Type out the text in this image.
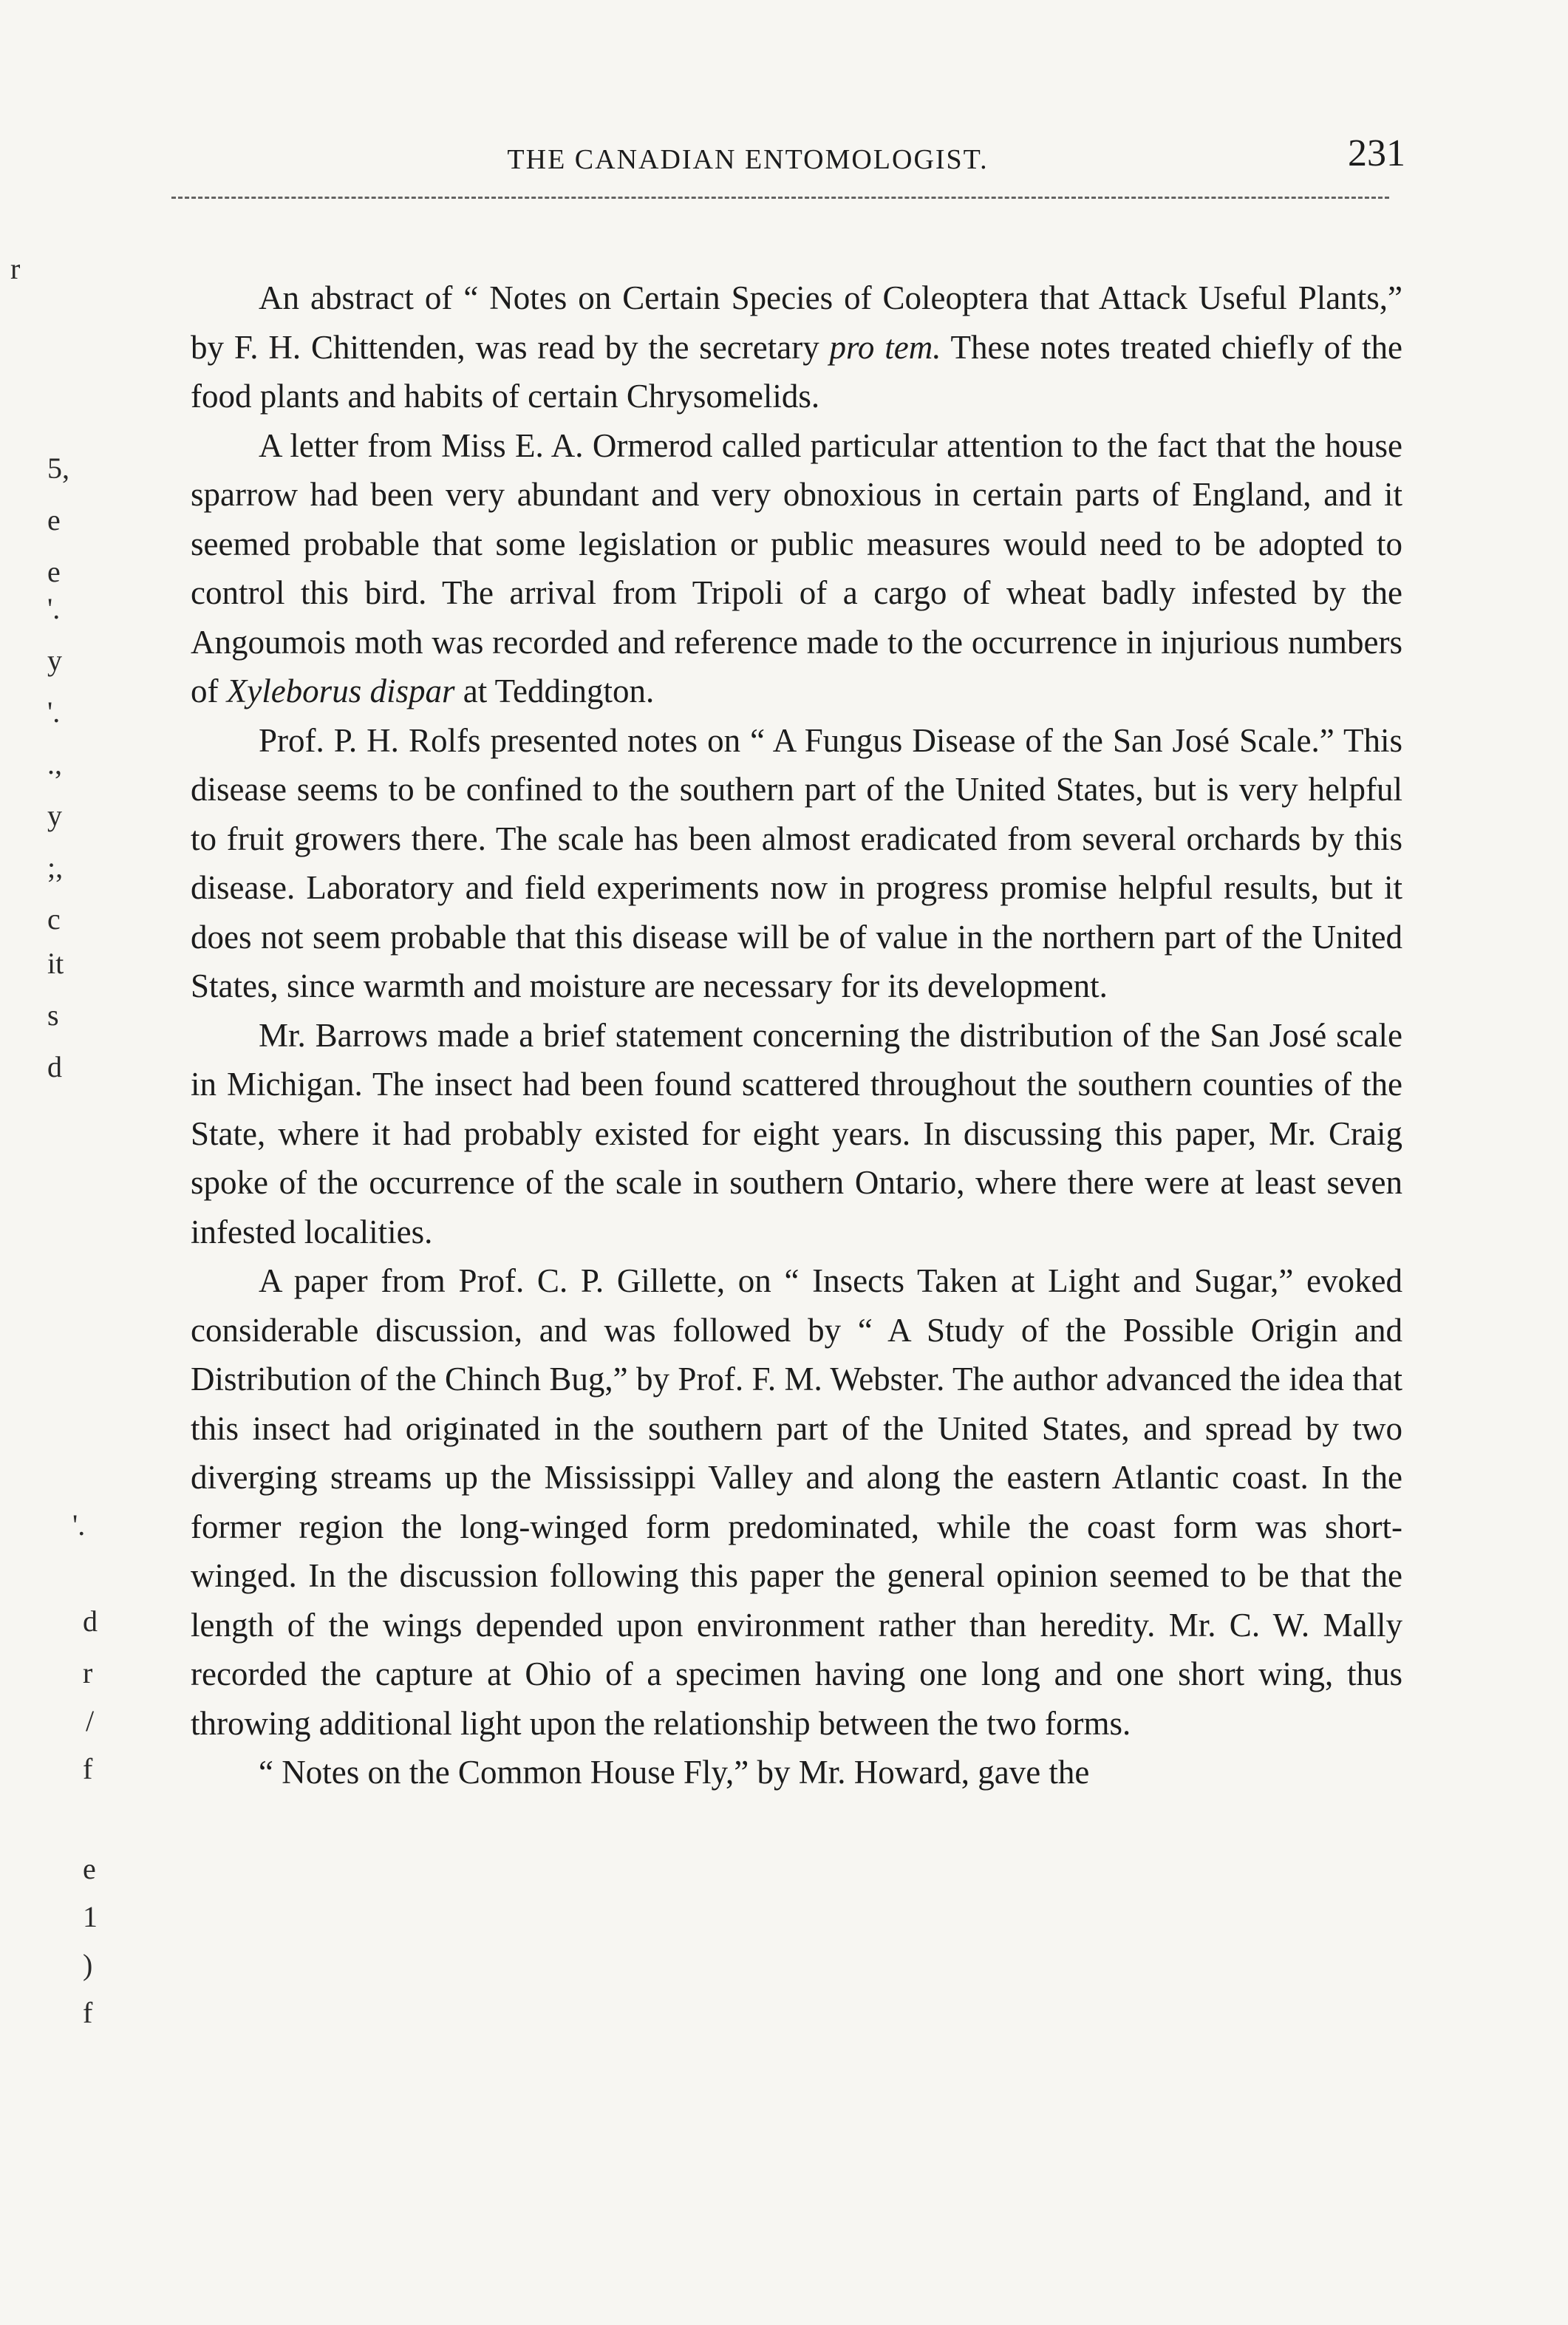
THE CANADIAN ENTOMOLOGIST.	231
r
5,
e
e
'.
y
'.
.,
y
;,
c
it
s
d
'.
d
r
/
f
e
1
)
f

An abstract of “ Notes on Certain Species of Coleoptera that Attack Useful Plants,” by F. H. Chittenden, was read by the secretary pro tem. These notes treated chiefly of the food plants and habits of certain Chrysomelids.

A letter from Miss E. A. Ormerod called particular attention to the fact that the house sparrow had been very abundant and very obnoxious in certain parts of England, and it seemed probable that some legislation or public measures would need to be adopted to control this bird. The arrival from Tripoli of a cargo of wheat badly infested by the Angoumois moth was recorded and reference made to the occurrence in injurious numbers of Xyleborus dispar at Teddington.

Prof. P. H. Rolfs presented notes on “ A Fungus Disease of the San José Scale.” This disease seems to be confined to the southern part of the United States, but is very helpful to fruit growers there. The scale has been almost eradicated from several orchards by this disease. Laboratory and field experiments now in progress promise helpful results, but it does not seem probable that this disease will be of value in the northern part of the United States, since warmth and moisture are necessary for its development.

Mr. Barrows made a brief statement concerning the distribution of the San José scale in Michigan. The insect had been found scattered throughout the southern counties of the State, where it had probably existed for eight years. In discussing this paper, Mr. Craig spoke of the occurrence of the scale in southern Ontario, where there were at least seven infested localities.

A paper from Prof. C. P. Gillette, on “ Insects Taken at Light and Sugar,” evoked considerable discussion, and was followed by “ A Study of the Possible Origin and Distribution of the Chinch Bug,” by Prof. F. M. Webster. The author advanced the idea that this insect had originated in the southern part of the United States, and spread by two diverging streams up the Mississippi Valley and along the eastern Atlantic coast. In the former region the long-winged form predominated, while the coast form was short-winged. In the discussion following this paper the general opinion seemed to be that the length of the wings depended upon environment rather than heredity. Mr. C. W. Mally recorded the capture at Ohio of a specimen having one long and one short wing, thus throwing additional light upon the relationship between the two forms.

“ Notes on the Common House Fly,” by Mr. Howard, gave the
